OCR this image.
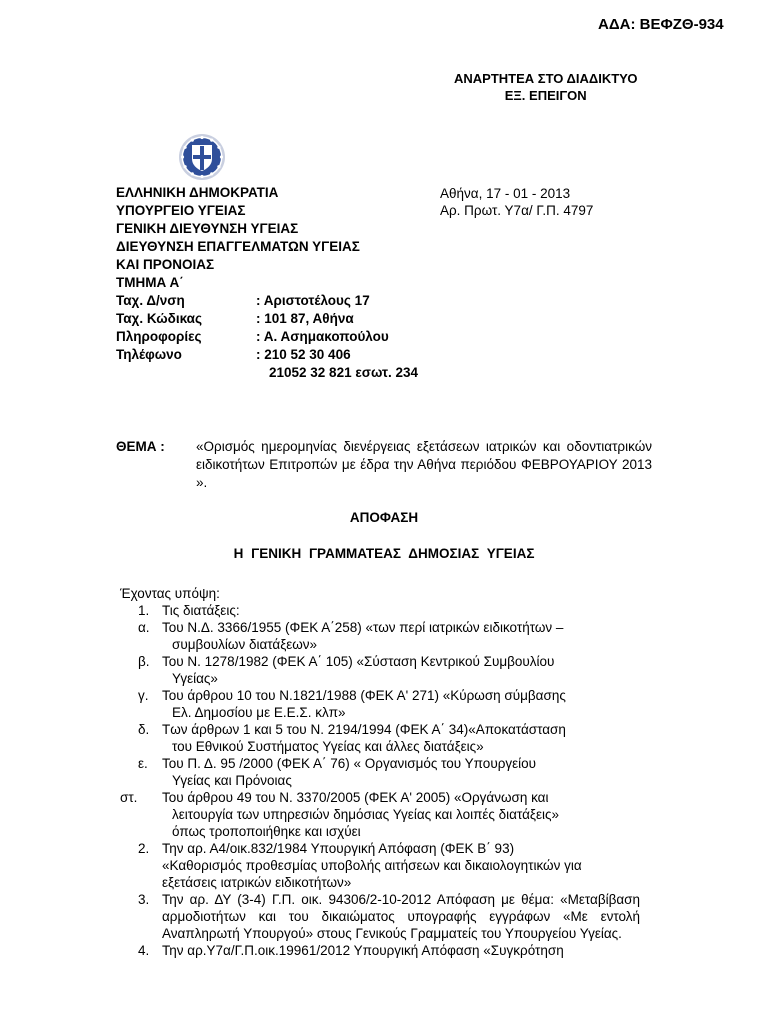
ΑΔΑ: ΒΕΦΖΘ-934
ΑΝΑΡΤΗΤΕΑ ΣΤΟ ΔΙΑΔΙΚΤΥΟ
ΕΞ. ΕΠΕΙΓΟΝ
ΕΛΛΗΝΙΚΗ ΔΗΜΟΚΡΑΤΙΑ
ΥΠΟΥΡΓΕΙΟ ΥΓΕΙΑΣ
ΓΕΝΙΚΗ ΔΙΕΥΘΥΝΣΗ ΥΓΕΙΑΣ
ΔΙΕΥΘΥΝΣΗ ΕΠΑΓΓΕΛΜΑΤΩΝ ΥΓΕΙΑΣ
ΚΑΙ ΠΡΟΝΟΙΑΣ
ΤΜΗΜΑ Α΄
Αθήνα, 17 - 01 - 2013
Αρ. Πρωτ. Υ7α/ Γ.Π. 4797
Ταχ. Δ/νση	: Αριστοτέλους 17
Ταχ. Κώδικας	: 101 87, Αθήνα
Πληροφορίες	: Α. Ασημακοπούλου
Τηλέφωνο	: 210 52 30 406
21052 32 821 εσωτ. 234
ΘΕΜΑ :	«Ορισμός ημερομηνίας διενέργειας εξετάσεων ιατρικών και οδοντιατρικών ειδικοτήτων Επιτροπών με έδρα την Αθήνα περιόδου ΦΕΒΡΟΥΑΡΙΟΥ 2013 ».
ΑΠΟΦΑΣΗ
Η ΓΕΝΙΚΗ ΓΡΑΜΜΑΤΕΑΣ ΔΗΜΟΣΙΑΣ ΥΓΕΙΑΣ
Έχοντας υπόψη:
1. Τις διατάξεις:
α. Του Ν.Δ. 3366/1955 (ΦΕΚ Α΄258) «των περί ιατρικών ειδικοτήτων –
συμβουλίων διατάξεων»
β. Του Ν. 1278/1982 (ΦΕΚ Α΄ 105) «Σύσταση Κεντρικού Συμβουλίου
Υγείας»
γ. Του άρθρου 10 του Ν.1821/1988 (ΦΕΚ Α' 271) «Κύρωση σύμβασης
Ελ. Δημοσίου με Ε.Ε.Σ. κλπ»
δ. Των άρθρων 1 και 5 του Ν. 2194/1994 (ΦΕΚ Α΄ 34)«Αποκατάσταση
του Εθνικού Συστήματος Υγείας και άλλες διατάξεις»
ε.	Του Π. Δ. 95 /2000 (ΦΕΚ Α΄ 76) « Οργανισμός του Υπουργείου
Υγείας και Πρόνοιας
στ.	Του άρθρου 49 του Ν. 3370/2005 (ΦΕΚ Α' 2005) «Οργάνωση και
λειτουργία των υπηρεσιών δημόσιας Υγείας και λοιπές διατάξεις»
όπως τροποποιήθηκε και ισχύει
2. Την αρ. Α4/οικ.832/1984 Υπουργική Απόφαση (ΦΕΚ Β΄ 93)
«Καθορισμός προθεσμίας υποβολής αιτήσεων και δικαιολογητικών για
εξετάσεις ιατρικών ειδικοτήτων»
3. Την αρ. ΔΥ (3-4) Γ.Π. οικ. 94306/2-10-2012 Απόφαση με θέμα: «Μεταβίβαση αρμοδιοτήτων και του δικαιώματος υπογραφής εγγράφων «Με εντολή Αναπληρωτή Υπουργού» στους Γενικούς Γραμματείς του Υπουργείου Υγείας.
4. Την αρ.Υ7α/Γ.Π.οικ.19961/2012 Υπουργική Απόφαση «Συγκρότηση
